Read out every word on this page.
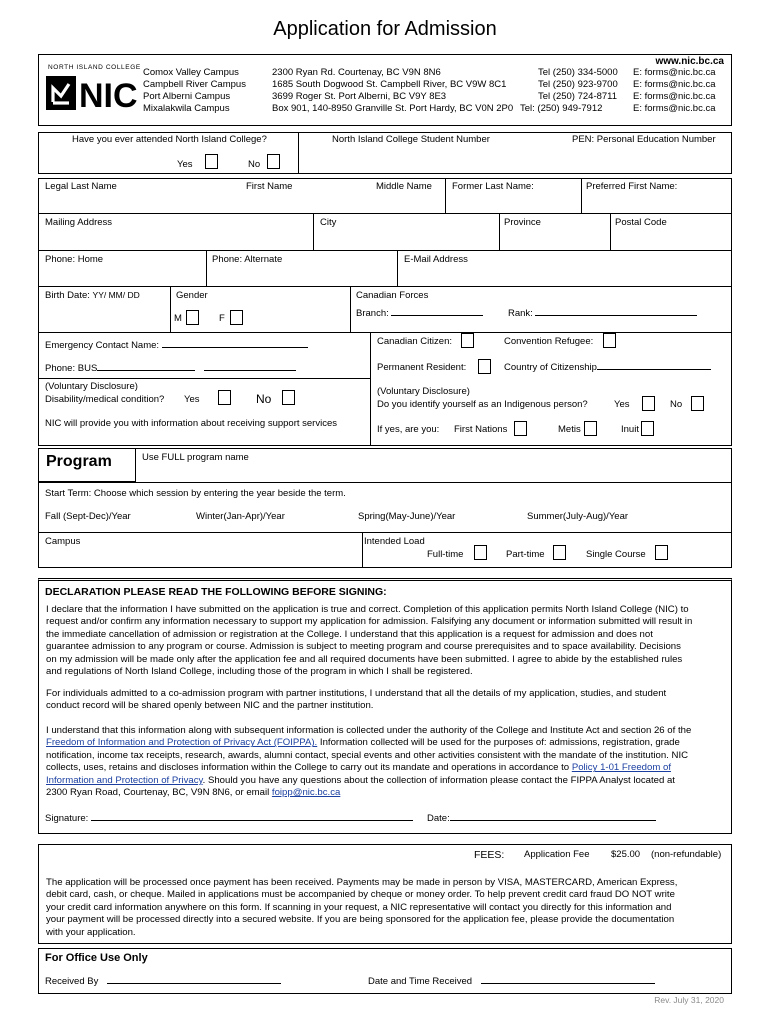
Application for Admission
NORTH ISLAND COLLEGE
NIC
www.nic.bc.ca
Comox Valley Campus	2300 Ryan Rd. Courtenay, BC V9N 8N6	Tel (250) 334-5000 E: forms@nic.bc.ca
Campbell River Campus	1685 South Dogwood St. Campbell River, BC V9W 8C1	Tel (250) 923-9700 E: forms@nic.bc.ca
Port Alberni Campus	3699 Roger St. Port Alberni, BC V9Y 8E3	Tel (250) 724-8711 E: forms@nic.bc.ca
Mixalakwila Campus	Box 901, 140-8950 Granville St. Port Hardy, BC V0N 2P0 Tel: (250) 949-7912	E: forms@nic.bc.ca
Have you ever attended North Island College?
Yes	No
North Island College Student Number	PEN: Personal Education Number
Legal Last Name	First Name	Middle Name Former Last Name:	Preferred First Name:
Mailing Address	City	Province	Postal Code
Phone: Home	Phone: Alternate	E-Mail Address
Birth Date: YY/ MM/ DD	Gender
M	F
Canadian Forces
Branch:	Rank:
Emergency Contact Name:	Canadian Citizen:	Convention Refugee:
Phone: BUS	Permanent Resident:	Country of Citizenship
(Voluntary Disclosure)
Disability/medical condition? Yes	No
NIC will provide you with information about receiving support services
(Voluntary Disclosure)
Do you identify yourself as an Indigenous person?	Yes	No
If yes, are you: First Nations	Metis	Inuit
Program	Use FULL program name
Start Term: Choose which session by entering the year beside the term.
Fall (Sept-Dec)/Year	Winter(Jan-Apr)/Year	Spring(May-June)/Year	Summer(July-Aug)/Year
Campus	Intended Load
Full-time	Part-time	Single Course
DECLARATION PLEASE READ THE FOLLOWING BEFORE SIGNING:
I declare that the information I have submitted on the application is true and correct. Completion of this application permits North Island College (NIC) to
request and/or confirm any information necessary to support my application for admission. Falsifying any document or information submitted will result in
the immediate cancellation of admission or registration at the College. I understand that this application is a request for admission and does not
guarantee admission to any program or course. Admission is subject to meeting program and course prerequisites and to space availability. Decisions
on my admission will be made only after the application fee and all required documents have been submitted. I agree to abide by the established rules
and regulations of North Island College, including those of the program in which I shall be registered.
For individuals admitted to a co-admission program with partner institutions, I understand that all the details of my application, studies, and student
conduct record will be shared openly between NIC and the partner institution.
I understand that this information along with subsequent information is collected under the authority of the College and Institute Act and section 26 of the
Freedom of Information and Protection of Privacy Act (FOIPPA). Information collected will be used for the purposes of: admissions, registration, grade
notification, income tax receipts, research, awards, alumni contact, special events and other activities consistent with the mandate of the institution. NIC
collects, uses, retains and discloses information within the College to carry out its mandate and operations in accordance to Policy 1-01 Freedom of
Information and Protection of Privacy. Should you have any questions about the collection of information please contact the FIPPA Analyst located at
2300 Ryan Road, Courtenay, BC, V9N 8N6, or email foipp@nic.bc.ca
Signature:	Date:
FEES: Application Fee $25.00 (non-refundable)
The application will be processed once payment has been received. Payments may be made in person by VISA, MASTERCARD, American Express,
debit card, cash, or cheque. Mailed in applications must be accompanied by cheque or money order. To help prevent credit card fraud DO NOT write
your credit card information anywhere on this form. If scanning in your request, a NIC representative will contact you directly for this information and
your payment will be processed directly into a secured website. If you are being sponsored for the application fee, please provide the documentation
with your application.
For Office Use Only
Received By	Date and Time Received
Rev. July 31, 2020
